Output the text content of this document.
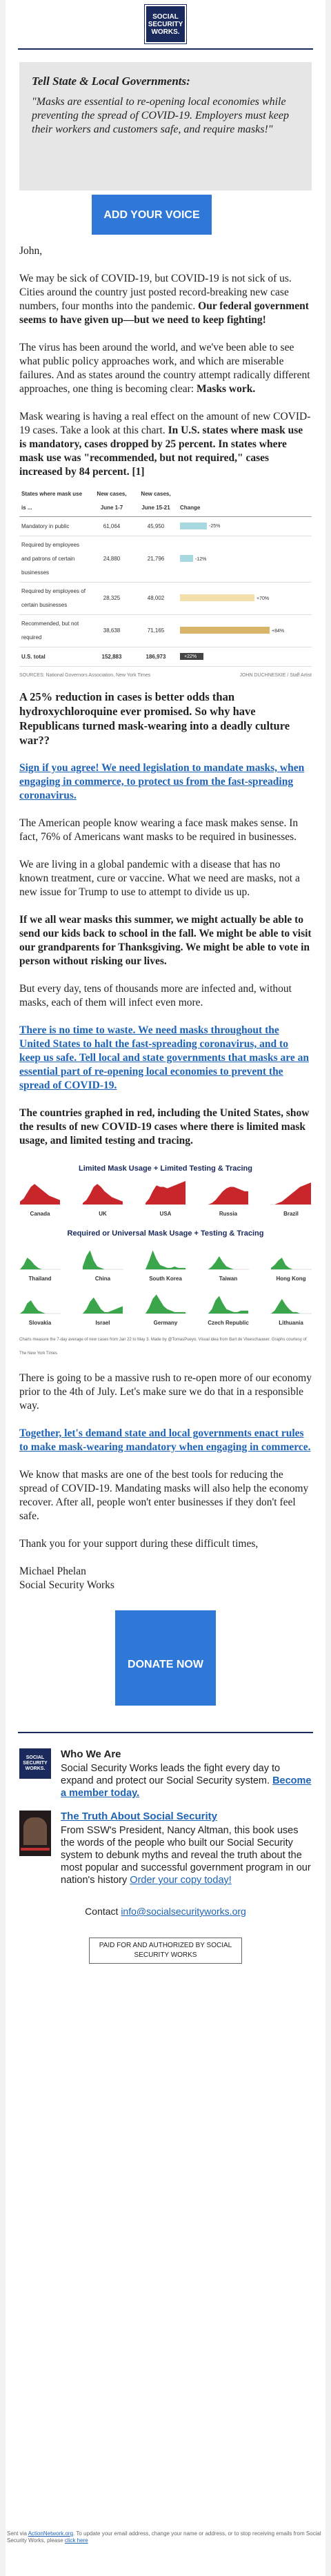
SOCIAL
SECURITY
WORKS.
Tell State & Local Governments:
"Masks are essential to re-opening local economies while preventing the spread of COVID-19. Employers must keep their workers and customers safe, and require masks!"
ADD YOUR VOICE

John,

We may be sick of COVID-19, but COVID-19 is not sick of us. Cities around the country just posted record-breaking new case numbers, four months into the pandemic. Our federal government seems to have given up—but we need to keep fighting!

The virus has been around the world, and we've been able to see what public policy approaches work, and which are miserable failures. And as states around the country attempt radically different approaches, one thing is becoming clear: Masks work.

Mask wearing is having a real effect on the amount of new COVID-19 cases. Take a look at this chart. In U.S. states where mask use is mandatory, cases dropped by 25 percent. In states where mask use was "recommended, but not required," cases increased by 84 percent. [1]

States where mask use is ...	New cases, June 1-7	New cases, June 15-21	Change
Mandatory in public	61,064	45,950	-25%
Required by employees and patrons of certain businesses	24,880	21,796	-12%
Required by employees of certain businesses	28,325	48,002	+70%
Recommended, but not required	38,638	71,165	+84%
U.S. total	152,883	186,973	+22%
SOURCES: National Governors Association, New York Times	JOHN DUCHNESKIE / Staff Artist

A 25% reduction in cases is better odds than hydroxychloroquine ever promised. So why have Republicans turned mask-wearing into a deadly culture war??

Sign if you agree! We need legislation to mandate masks, when engaging in commerce, to protect us from the fast-spreading coronavirus.

The American people know wearing a face mask makes sense. In fact, 76% of Americans want masks to be required in businesses.

We are living in a global pandemic with a disease that has no known treatment, cure or vaccine. What we need are masks, not a new issue for Trump to use to attempt to divide us up.

If we all wear masks this summer, we might actually be able to send our kids back to school in the fall. We might be able to visit our grandparents for Thanksgiving. We might be able to vote in person without risking our lives.

But every day, tens of thousands more are infected and, without masks, each of them will infect even more.

There is no time to waste. We need masks throughout the United States to halt the fast-spreading coronavirus, and to keep us safe. Tell local and state governments that masks are an essential part of re-opening local economies to prevent the spread of COVID-19.

The countries graphed in red, including the United States, show the results of new COVID-19 cases where there is limited mask usage, and limited testing and tracing.

Limited Mask Usage + Limited Testing & Tracing
Canada	UK	USA	Russia	Brazil
Required or Universal Mask Usage + Testing & Tracing
Thailand	China	South Korea	Taiwan	Hong Kong
Slovakia	Israel	Germany	Czech Republic	Lithuania
Charts measure the 7-day average of new cases from Jan 22 to May 3. Made by @TomasPueyo. Visual idea from Bart de Vleeschauwer. Graphs courtesy of The New York Times

There is going to be a massive rush to re-open more of our economy prior to the 4th of July. Let's make sure we do that in a responsible way.

Together, let's demand state and local governments enact rules to make mask-wearing mandatory when engaging in commerce.

We know that masks are one of the best tools for reducing the spread of COVID-19. Mandating masks will also help the economy recover. After all, people won't enter businesses if they don't feel safe.

Thank you for your support during these difficult times,

Michael Phelan
Social Security Works

DONATE NOW
SOCIAL
SECURITY
WORKS.
Who We Are
Social Security Works leads the fight every day to expand and protect our Social Security system. Become a member today.
The Truth About Social Security
From SSW's President, Nancy Altman, this book uses the words of the people who built our Social Security system to debunk myths and reveal the truth about the most popular and successful government program in our nation's history Order your copy today!
Contact info@socialsecurityworks.org
PAID FOR AND AUTHORIZED BY SOCIAL SECURITY WORKS
Sent via ActionNetwork.org. To update your email address, change your name or address, or to stop receiving emails from Social Security Works, please click here
